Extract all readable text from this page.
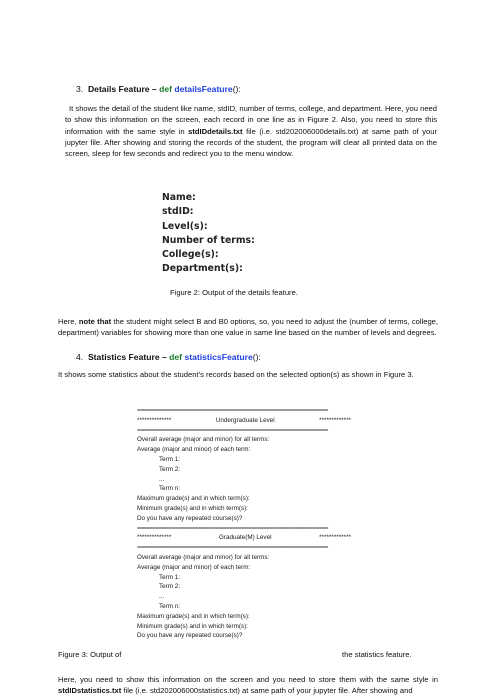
3. Details Feature – def detailsFeature():
It shows the detail of the student like name, stdID, number of terms, college, and department. Here, you need to show this information on the screen, each record in one line as in Figure 2. Also, you need to store this information with the same style in stdIDdetails.txt file (i.e. std202006000details.txt) at same path of your jupyter file. After showing and storing the records of the student, the program will clear all printed data on the screen, sleep for few seconds and redirect you to the menu window.
Name:
stdID:
Level(s):
Number of terms:
College(s):
Department(s):
Figure 2: Output of the details feature.
Here, note that the student might select B and B0 options, so, you need to adjust the (number of terms, college, department) variables for showing more than one value in same line based on the number of levels and degrees.
4. Statistics Feature – def statisticsFeature():
It shows some statistics about the student’s records based on the selected option(s) as shown in Figure 3.
==============================================================
**************	Undergraduate Level	*************
==============================================================
Overall average (major and minor) for all terms:
Average (major and minor) of each term:
Term 1:
Term 2:
...
Term n:
Maximum grade(s) and in which term(s):
Minimum grade(s) and in which term(s):
Do you have any repeated course(s)?
==============================================================
**************	Graduate(M) Level	*************
==============================================================
Overall average (major and minor) for all terms:
Average (major and minor) of each term:
Term 1:
Term 2:
...
Term n:
Maximum grade(s) and in which term(s):
Minimum grade(s) and in which term(s):
Do you have any repeated course(s)?
Figure 3: Output of	the statistics feature.
Here, you need to show this information on the screen and you need to store them with the same style in stdIDstatistics.txt file (i.e. std202006000statistics.txt) at same path of your jupyter file. After showing and
